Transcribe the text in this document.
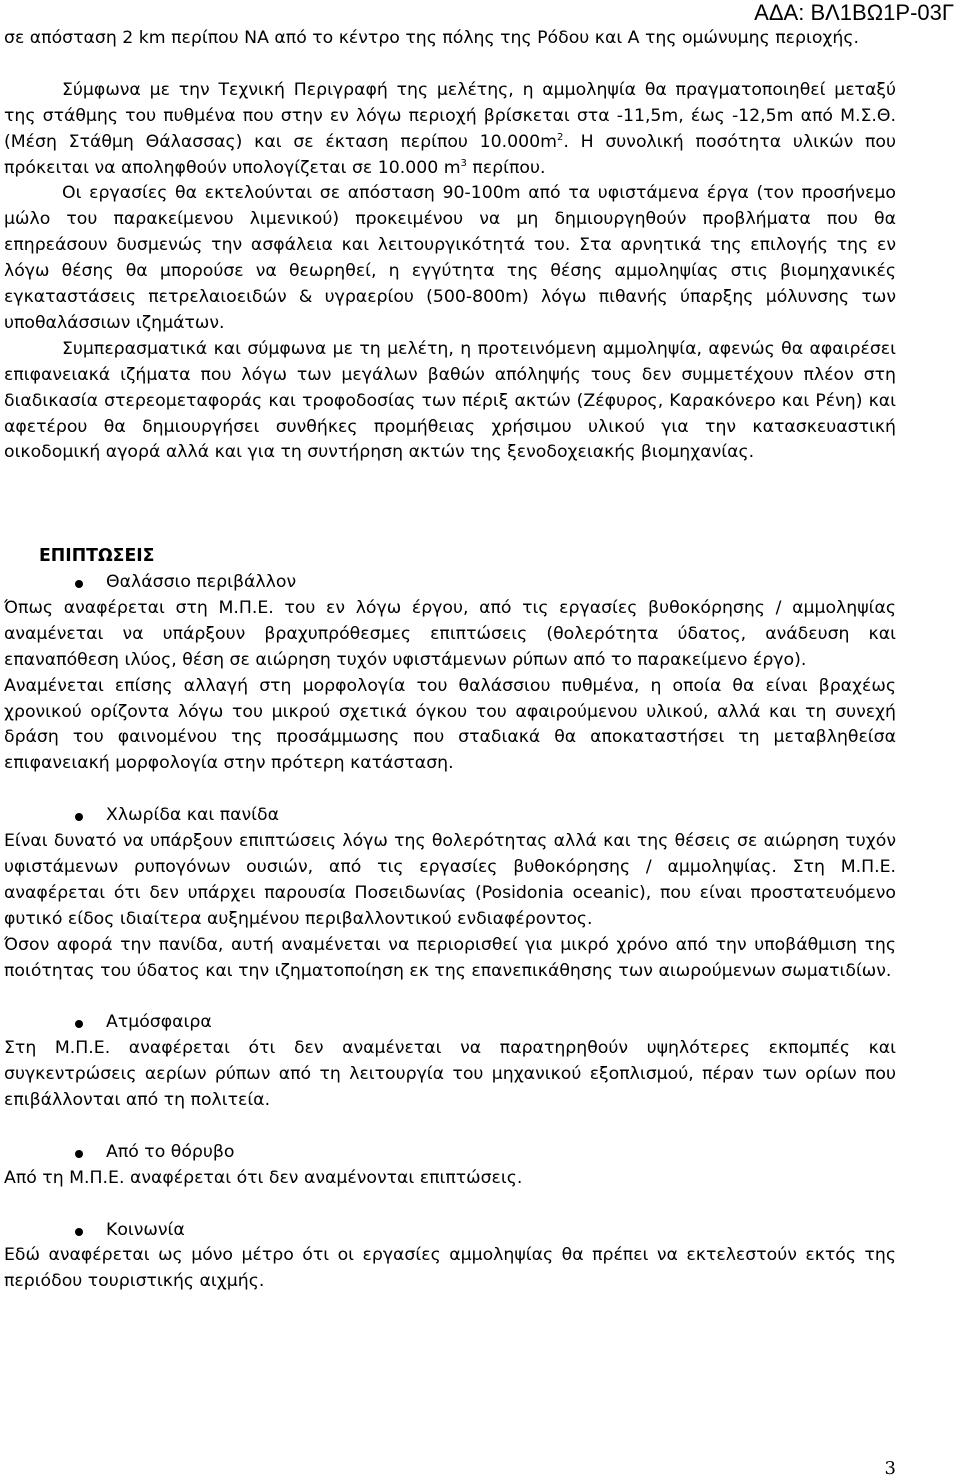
ΑΔΑ: ΒΛ1ΒΩ1Ρ-03Γ

σε απόσταση 2 km περίπου ΝΑ από το κέντρο της πόλης της Ρόδου και Α της ομώνυμης περιοχής.

Σύμφωνα με την Τεχνική Περιγραφή της μελέτης, η αμμοληψία θα πραγματοποιηθεί μεταξύ της στάθμης του πυθμένα που στην εν λόγω περιοχή βρίσκεται στα -11,5m, έως -12,5m από Μ.Σ.Θ. (Μέση Στάθμη Θάλασσας) και σε έκταση περίπου $10.000m^2$. Η συνολική ποσότητα υλικών που πρόκειται να αποληφθούν υπολογίζεται σε 10.000 $m^3$ περίπου.

Οι εργασίες θα εκτελούνται σε απόσταση 90-100m από τα υφιστάμενα έργα (τον προσήνεμο μώλο του παρακείμενου λιμενικού) προκειμένου να μη δημιουργηθούν προβλήματα που θα επηρεάσουν δυσμενώς την ασφάλεια και λειτουργικότητά του. Στα αρνητικά της επιλογής της εν λόγω θέσης θα μπορούσε να θεωρηθεί, η εγγύτητα της θέσης αμμοληψίας στις βιομηχανικές εγκαταστάσεις πετρελαιοειδών & υγραερίου (500-800m) λόγω πιθανής ύπαρξης μόλυνσης των υποθαλάσσιων ιζημάτων.

Συμπερασματικά και σύμφωνα με τη μελέτη, η προτεινόμενη αμμοληψία, αφενώς θα αφαιρέσει επιφανειακά ιζήματα που λόγω των μεγάλων βαθών απόληψής τους δεν συμμετέχουν πλέον στη διαδικασία στερεομεταφοράς και τροφοδοσίας των πέριξ ακτών (Ζέφυρος, Καρακόνερο και Ρένη) και αφετέρου θα δημιουργήσει συνθήκες προμήθειας χρήσιμου υλικού για την κατασκευαστική οικοδομική αγορά αλλά και για τη συντήρηση ακτών της ξενοδοχειακής βιομηχανίας.

ΕΠΙΠΤΩΣΕΙΣ

Θαλάσσιο περιβάλλον

Όπως αναφέρεται στη Μ.Π.Ε. του εν λόγω έργου, από τις εργασίες βυθοκόρησης / αμμοληψίας αναμένεται να υπάρξουν βραχυπρόθεσμες επιπτώσεις (θολερότητα ύδατος, ανάδευση και επαναπόθεση ιλύος, θέση σε αιώρηση τυχόν υφιστάμενων ρύπων από το παρακείμενο έργο).

Αναμένεται επίσης αλλαγή στη μορφολογία του θαλάσσιου πυθμένα, η οποία θα είναι βραχέως χρονικού ορίζοντα λόγω του μικρού σχετικά όγκου του αφαιρούμενου υλικού, αλλά και τη συνεχή δράση του φαινομένου της προσάμμωσης που σταδιακά θα αποκαταστήσει τη μεταβληθείσα επιφανειακή μορφολογία στην πρότερη κατάσταση.

Χλωρίδα και πανίδα

Είναι δυνατό να υπάρξουν επιπτώσεις λόγω της θολερότητας αλλά και της θέσεις σε αιώρηση τυχόν υφιστάμενων ρυπογόνων ουσιών, από τις εργασίες βυθοκόρησης / αμμοληψίας. Στη Μ.Π.Ε. αναφέρεται ότι δεν υπάρχει παρουσία Ποσειδωνίας (Posidonia oceanic), που είναι προστατευόμενο φυτικό είδος ιδιαίτερα αυξημένου περιβαλλοντικού ενδιαφέροντος.

Όσον αφορά την πανίδα, αυτή αναμένεται να περιορισθεί για μικρό χρόνο από την υποβάθμιση της ποιότητας του ύδατος και την ιζηματοποίηση εκ της επανεπικάθησης των αιωρούμενων σωματιδίων.

Ατμόσφαιρα

Στη Μ.Π.Ε. αναφέρεται ότι δεν αναμένεται να παρατηρηθούν υψηλότερες εκπομπές και συγκεντρώσεις αερίων ρύπων από τη λειτουργία του μηχανικού εξοπλισμού, πέραν των ορίων που επιβάλλονται από τη πολιτεία.

Από το θόρυβο

Από τη Μ.Π.Ε. αναφέρεται ότι δεν αναμένονται επιπτώσεις.

Κοινωνία

Εδώ αναφέρεται ως μόνο μέτρο ότι οι εργασίες αμμοληψίας θα πρέπει να εκτελεστούν εκτός της περιόδου τουριστικής αιχμής.

3
